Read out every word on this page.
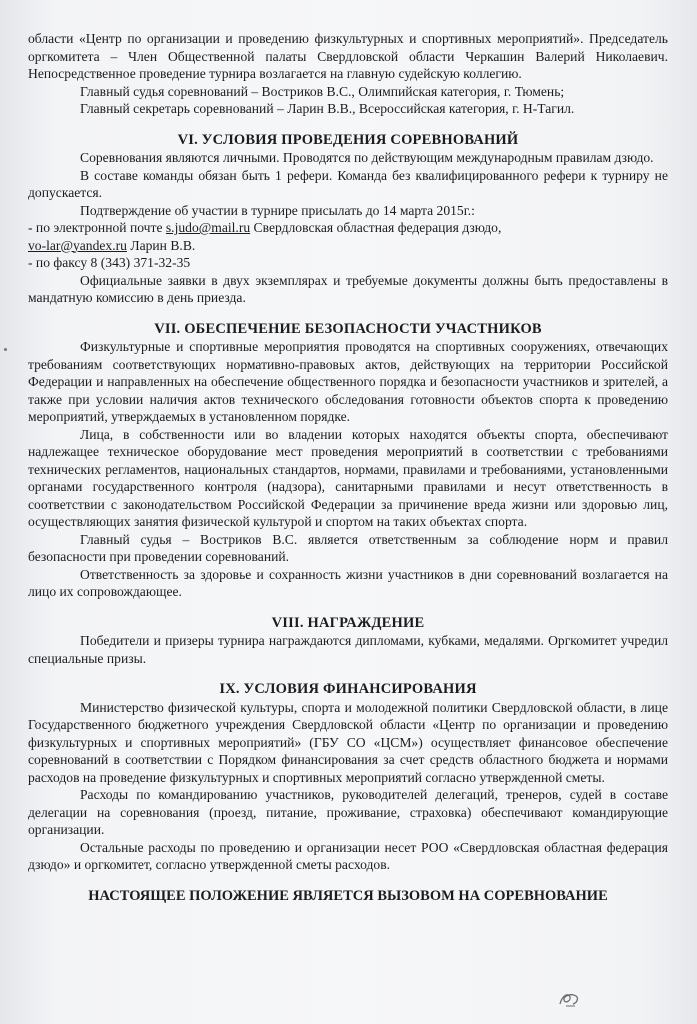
области «Центр по организации и проведению физкультурных и спортивных мероприятий». Председатель оргкомитета – Член Общественной палаты Свердловской области Черкашин Валерий Николаевич. Непосредственное проведение турнира возлагается на главную судейскую коллегию.

Главный судья соревнований – Востриков В.С., Олимпийская категория, г. Тюмень;

Главный секретарь соревнований – Ларин В.В., Всероссийская категория, г. Н-Тагил.

VI. УСЛОВИЯ ПРОВЕДЕНИЯ СОРЕВНОВАНИЙ

Соревнования являются личными. Проводятся по действующим международным правилам дзюдо.

В составе команды обязан быть 1 рефери. Команда без квалифицированного рефери к турниру не допускается.

Подтверждение об участии в турнире присылать до 14 марта 2015г.:

- по электронной почте s.judo@mail.ru Свердловская областная федерация дзюдо,

vo-lar@yandex.ru Ларин В.В.

- по факсу 8 (343) 371-32-35

Официальные заявки в двух экземплярах и требуемые документы должны быть предоставлены в мандатную комиссию в день приезда.

VII. ОБЕСПЕЧЕНИЕ БЕЗОПАСНОСТИ УЧАСТНИКОВ

Физкультурные и спортивные мероприятия проводятся на спортивных сооружениях, отвечающих требованиям соответствующих нормативно-правовых актов, действующих на территории Российской Федерации и направленных на обеспечение общественного порядка и безопасности участников и зрителей, а также при условии наличия актов технического обследования готовности объектов спорта к проведению мероприятий, утверждаемых в установленном порядке.

Лица, в собственности или во владении которых находятся объекты спорта, обеспечивают надлежащее техническое оборудование мест проведения мероприятий в соответствии с требованиями технических регламентов, национальных стандартов, нормами, правилами и требованиями, установленными органами государственного контроля (надзора), санитарными правилами и несут ответственность в соответствии с законодательством Российской Федерации за причинение вреда жизни или здоровью лиц, осуществляющих занятия физической культурой и спортом на таких объектах спорта.

Главный судья – Востриков В.С. является ответственным за соблюдение норм и правил безопасности при проведении соревнований.

Ответственность за здоровье и сохранность жизни участников в дни соревнований возлагается на лицо их сопровождающее.

VIII. НАГРАЖДЕНИЕ

Победители и призеры турнира награждаются дипломами, кубками, медалями. Оргкомитет учредил специальные призы.

IX. УСЛОВИЯ ФИНАНСИРОВАНИЯ

Министерство физической культуры, спорта и молодежной политики Свердловской области, в лице Государственного бюджетного учреждения Свердловской области «Центр по организации и проведению физкультурных и спортивных мероприятий» (ГБУ СО «ЦСМ») осуществляет финансовое обеспечение соревнований в соответствии с Порядком финансирования за счет средств областного бюджета и нормами расходов на проведение физкультурных и спортивных мероприятий согласно утвержденной сметы.

Расходы по командированию участников, руководителей делегаций, тренеров, судей в составе делегации на соревнования (проезд, питание, проживание, страховка) обеспечивают командирующие организации.

Остальные расходы по проведению и организации несет РОО «Свердловская областная федерация дзюдо» и оргкомитет, согласно утвержденной сметы расходов.

НАСТОЯЩЕЕ ПОЛОЖЕНИЕ ЯВЛЯЕТСЯ ВЫЗОВОМ НА СОРЕВНОВАНИЕ
